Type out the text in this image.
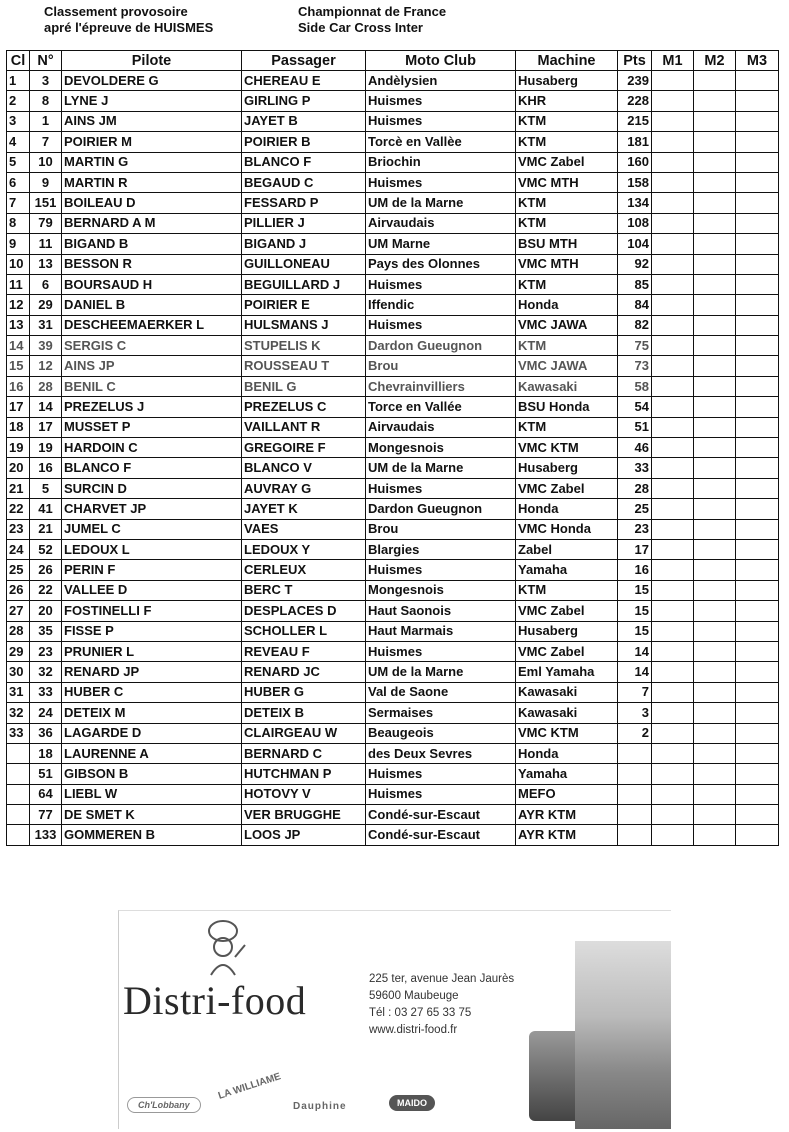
Classement provosoire
apré l'épreuve de HUISMES
Championnat de France
Side Car Cross Inter
Cl	N°	Pilote	Passager	Moto Club	Machine	Pts	M1	M2	M3
1	3	DEVOLDERE G	CHEREAU E	Andèlysien	Husaberg	239			
2	8	LYNE J	GIRLING P	Huismes	KHR	228			
3	1	AINS JM	JAYET B	Huismes	KTM	215			
4	7	POIRIER M	POIRIER B	Torcè en Vallèe	KTM	181			
5	10	MARTIN G	BLANCO F	Briochin	VMC Zabel	160			
6	9	MARTIN R	BEGAUD C	Huismes	VMC MTH	158			
7	151	BOILEAU D	FESSARD P	UM de la Marne	KTM	134			
8	79	BERNARD A M	PILLIER J	Airvaudais	KTM	108			
9	11	BIGAND B	BIGAND J	UM Marne	BSU MTH	104			
10	13	BESSON R	GUILLONEAU	Pays des Olonnes	VMC MTH	92			
11	6	BOURSAUD H	BEGUILLARD J	Huismes	KTM	85			
12	29	DANIEL B	POIRIER E	Iffendic	Honda	84			
13	31	DESCHEEMAERKER L	HULSMANS J	Huismes	VMC JAWA	82			
14	39	SERGIS C	STUPELIS K	Dardon Gueugnon	KTM	75			
15	12	AINS JP	ROUSSEAU T	Brou	VMC JAWA	73			
16	28	BENIL C	BENIL G	Chevrainvilliers	Kawasaki	58			
17	14	PREZELUS J	PREZELUS C	Torce en Vallée	BSU Honda	54			
18	17	MUSSET P	VAILLANT R	Airvaudais	KTM	51			
19	19	HARDOIN C	GREGOIRE F	Mongesnois	VMC KTM	46			
20	16	BLANCO F	BLANCO V	UM de la Marne	Husaberg	33			
21	5	SURCIN D	AUVRAY G	Huismes	VMC Zabel	28			
22	41	CHARVET JP	JAYET K	Dardon Gueugnon	Honda	25			
23	21	JUMEL C	VAES	Brou	VMC Honda	23			
24	52	LEDOUX L	LEDOUX Y	Blargies	Zabel	17			
25	26	PERIN F	CERLEUX	Huismes	Yamaha	16			
26	22	VALLEE D	BERC T	Mongesnois	KTM	15			
27	20	FOSTINELLI F	DESPLACES D	Haut Saonois	VMC Zabel	15			
28	35	FISSE P	SCHOLLER L	Haut Marmais	Husaberg	15			
29	23	PRUNIER L	REVEAU F	Huismes	VMC Zabel	14			
30	32	RENARD JP	RENARD JC	UM de la Marne	Eml Yamaha	14			
31	33	HUBER C	HUBER G	Val de Saone	Kawasaki	7			
32	24	DETEIX M	DETEIX B	Sermaises	Kawasaki	3			
33	36	LAGARDE D	CLAIRGEAU W	Beaugeois	VMC KTM	2			
	18	LAURENNE A	BERNARD C	des Deux Sevres	Honda				
	51	GIBSON B	HUTCHMAN P	Huismes	Yamaha				
	64	LIEBL W	HOTOVY V	Huismes	MEFO				
	77	DE SMET K	VER BRUGGHE	Condé-sur-Escaut	AYR KTM				
	133	GOMMEREN B	LOOS JP	Condé-sur-Escaut	AYR KTM				
Distri-food	225 ter, avenue Jean Jaurès
59600 Maubeuge
Tél : 03 27 65 33 75
www.distri-food.fr
Ch'Lobbany
LA WILLIAME
Dauphine	MAIDO
